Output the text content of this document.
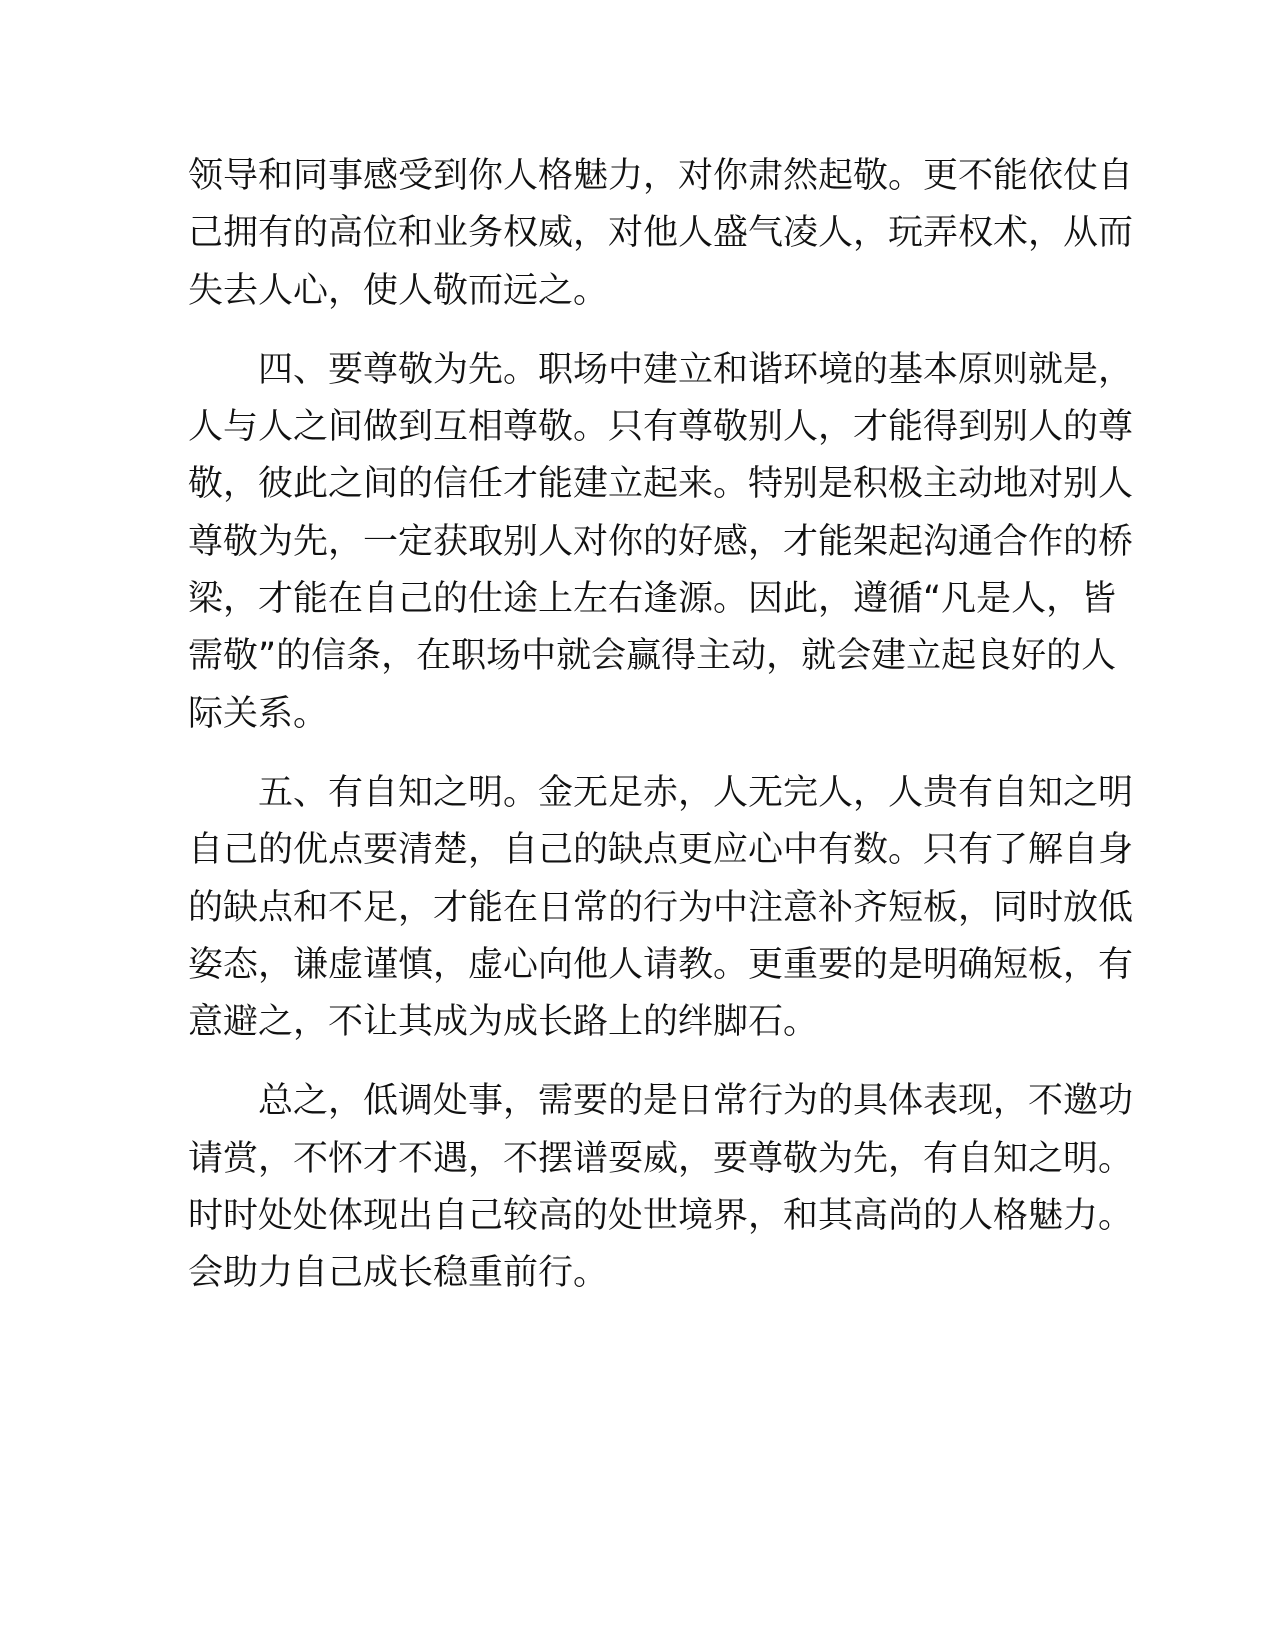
领导和同事感受到你人格魅力，对你肃然起敬。更不能依仗自
己拥有的高位和业务权威，对他人盛气凌人，玩弄权术，从而
失去人心，使人敬而远之。
四、要尊敬为先。职场中建立和谐环境的基本原则就是，
人与人之间做到互相尊敬。只有尊敬别人，才能得到别人的尊
敬，彼此之间的信任才能建立起来。特别是积极主动地对别人
尊敬为先，一定获取别人对你的好感，才能架起沟通合作的桥
梁，才能在自己的仕途上左右逢源。因此，遵循“凡是人，皆
需敬”的信条，在职场中就会赢得主动，就会建立起良好的人
际关系。
五、有自知之明。金无足赤，人无完人，人贵有自知之明
自己的优点要清楚，自己的缺点更应心中有数。只有了解自身
的缺点和不足，才能在日常的行为中注意补齐短板，同时放低
姿态，谦虚谨慎，虚心向他人请教。更重要的是明确短板，有
意避之，不让其成为成长路上的绊脚石。
总之，低调处事，需要的是日常行为的具体表现，不邀功
请赏，不怀才不遇，不摆谱耍威，要尊敬为先，有自知之明。
时时处处体现出自己较高的处世境界，和其高尚的人格魅力。
会助力自己成长稳重前行。
